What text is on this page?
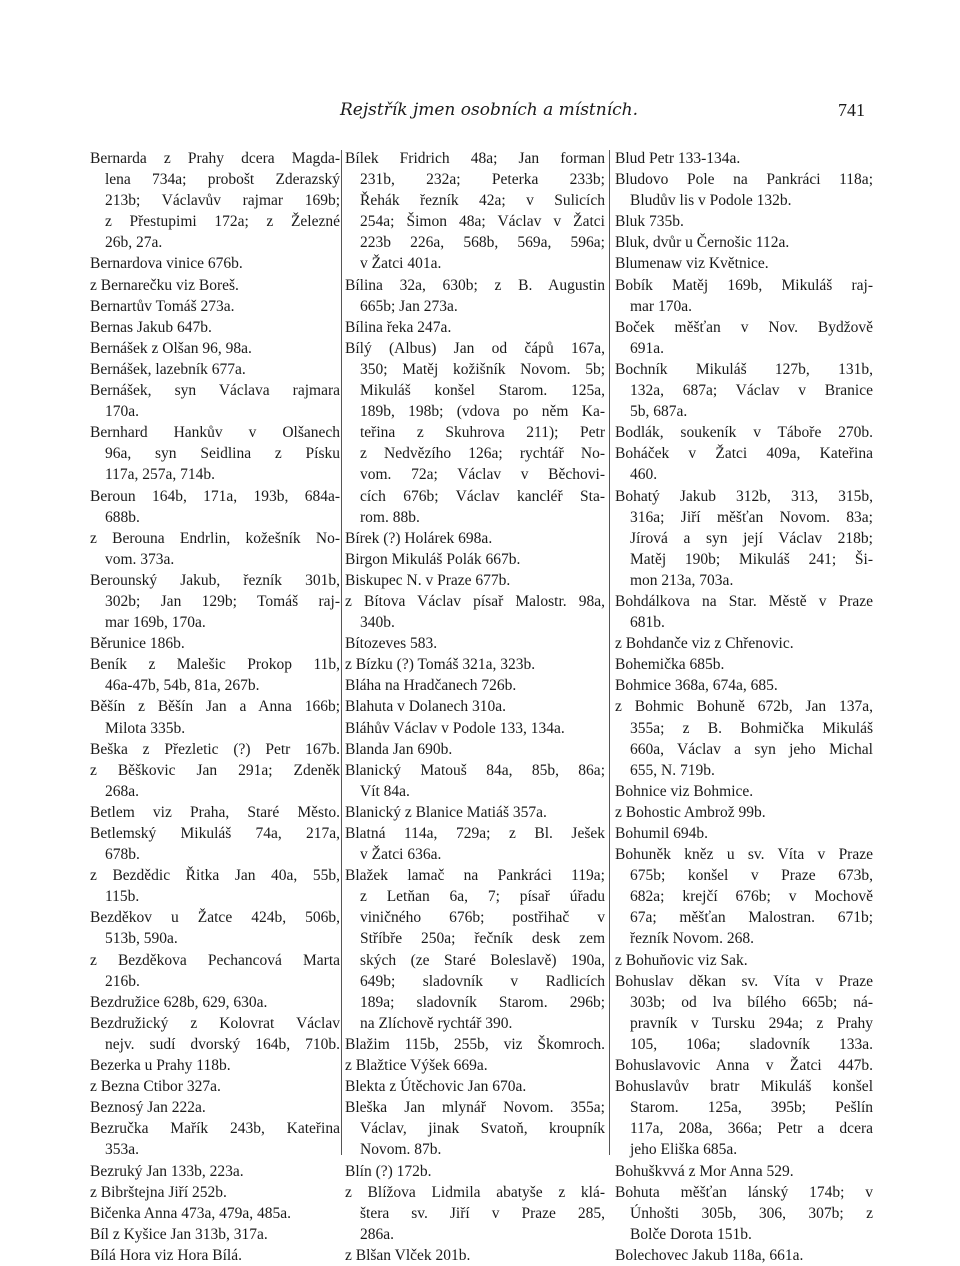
Rejstřík jmen osobních a místních.	741
Bernarda z Prahy dcera Magda-
lena 734a; probošt Zderazský
213b; Václavův rajmar 169b;
z Přestupimi 172a; z Železné
26b, 27a.
Bernardova vinice 676b.
z Bernarečku viz Boreš.
Bernartův Tomáš 273a.
Bernas Jakub 647b.
Bernášek z Olšan 96, 98a.
Bernášek, lazebník 677a.
Bernášek, syn Václava rajmara
170a.
Bernhard Hankův v Olšanech
96a, syn Seidlina z Písku
117a, 257a, 714b.
Beroun 164b, 171a, 193b, 684a-
688b.
z Berouna Endrlin, kožešník No-
vom. 373a.
Berounský Jakub, řezník 301b,
302b; Jan 129b; Tomáš raj-
mar 169b, 170a.
Běrunice 186b.
Beník z Malešic Prokop 11b,
46a-47b, 54b, 81a, 267b.
Běšín z Běšín Jan a Anna 166b;
Milota 335b.
Beška z Přezletic (?) Petr 167b.
z Běškovic Jan 291a; Zdeněk
268a.
Betlem viz Praha, Staré Město.
Betlemský Mikuláš 74a, 217a,
678b.
z Bezdědic Řitka Jan 40a, 55b,
115b.
Bezděkov u Žatce 424b, 506b,
513b, 590a.
z Bezděkova Pechancová Marta
216b.
Bezdružice 628b, 629, 630a.
Bezdružický z Kolovrat Václav
nejv. sudí dvorský 164b, 710b.
Bezerka u Prahy 118b.
z Bezna Ctibor 327a.
Beznosý Jan 222a.
Bezručka Mařík 243b, Kateřina
353a.
Bezruký Jan 133b, 223a.
z Bibrštejna Jiří 252b.
Bičenka Anna 473a, 479a, 485a.
Bíl z Kyšice Jan 313b, 317a.
Bílá Hora viz Hora Bílá.
Bílek Fridrich 48a; Jan forman
231b, 232a; Peterka 233b;
Řehák řezník 42a; v Sulicích
254a; Šimon 48a; Václav v Žatci
223b 226a, 568b, 569a, 596a;
v Žatci 401a.
Bílina 32a, 630b; z B. Augustin
665b; Jan 273a.
Bílina řeka 247a.
Bílý (Albus) Jan od čápů 167a,
350; Matěj kožišník Novom. 5b;
Mikuláš konšel Starom. 125a,
189b, 198b; (vdova po něm Ka-
teřina z Skuhrova 211); Petr
z Nedvězího 126a; rychtář No-
vom. 72a; Václav v Běchovi-
cích 676b; Václav kancléř Sta-
rom. 88b.
Bírek (?) Holárek 698a.
Birgon Mikuláš Polák 667b.
Biskupec N. v Praze 677b.
z Bítova Václav písař Malostr. 98a,
340b.
Bítozeves 583.
z Bízku (?) Tomáš 321a, 323b.
Bláha na Hradčanech 726b.
Blahuta v Dolanech 310a.
Bláhův Václav v Podole 133, 134a.
Blanda Jan 690b.
Blanický Matouš 84a, 85b, 86a;
Vít 84a.
Blanický z Blanice Matiáš 357a.
Blatná 114a, 729a; z Bl. Ješek
v Žatci 636a.
Blažek lamač na Pankráci 119a;
z Letňan 6a, 7; písař úřadu
viničného 676b; postřihač v
Stříbře 250a; řečník desk zem
ských (ze Staré Boleslavě) 190a,
649b; sladovník v Radlicích
189a; sladovník Starom. 296b;
na Zlíchově rychtář 390.
Blažim 115b, 255b, viz Škomroch.
z Blažtice Výšek 669a.
Blekta z Útěchovic Jan 670a.
Bleška Jan mlynář Novom. 355a;
Václav, jinak Svatoň, kroupník
Novom. 87b.
Blín (?) 172b.
z Blížova Lidmila abatyše z klá-
štera sv. Jiří v Praze 285,
286a.
z Blšan Vlček 201b.
Blud Petr 133-134a.
Bludovo Pole na Pankráci 118a;
Bludův lis v Podole 132b.
Bluk 735b.
Bluk, dvůr u Černošic 112a.
Blumenaw viz Květnice.
Bobík Matěj 169b, Mikuláš raj-
mar 170a.
Boček měšťan v Nov. Bydžově
691a.
Bochník Mikuláš 127b, 131b,
132a, 687a; Václav v Branice
5b, 687a.
Bodlák, soukeník v Táboře 270b.
Boháček v Žatci 409a, Kateřina
460.
Bohatý Jakub 312b, 313, 315b,
316a; Jiří měšťan Novom. 83a;
Jírová a syn její Václav 218b;
Matěj 190b; Mikuláš 241; Ši-
mon 213a, 703a.
Bohdálkova na Star. Městě v Praze
681b.
z Bohdanče viz z Chřenovic.
Bohemička 685b.
Bohmice 368a, 674a, 685.
z Bohmic Bohuně 672b, Jan 137a,
355a; z B. Bohmička Mikuláš
660a, Václav a syn jeho Michal
655, N. 719b.
Bohnice viz Bohmice.
z Bohostic Ambrož 99b.
Bohumil 694b.
Bohuněk kněz u sv. Víta v Praze
675b; konšel v Praze 673b,
682a; krejčí 676b; v Mochově
67a; měšťan Malostran. 671b;
řezník Novom. 268.
z Bohuňovic viz Sak.
Bohuslav děkan sv. Víta v Praze
303b; od lva bílého 665b; ná-
pravník v Tursku 294a; z Prahy
105, 106a; sladovník 133a.
Bohuslavovic Anna v Žatci 447b.
Bohuslavův bratr Mikuláš konšel
Starom. 125a, 395b; Pešlín
117a, 208a, 366a; Petr a dcera
jeho Eliška 685a.
Bohuškvvá z Mor Anna 529.
Bohuta měšťan lánský 174b; v
Únhošti 305b, 306, 307b; z
Bolče Dorota 151b.
Bolechovec Jakub 118a, 661a.
